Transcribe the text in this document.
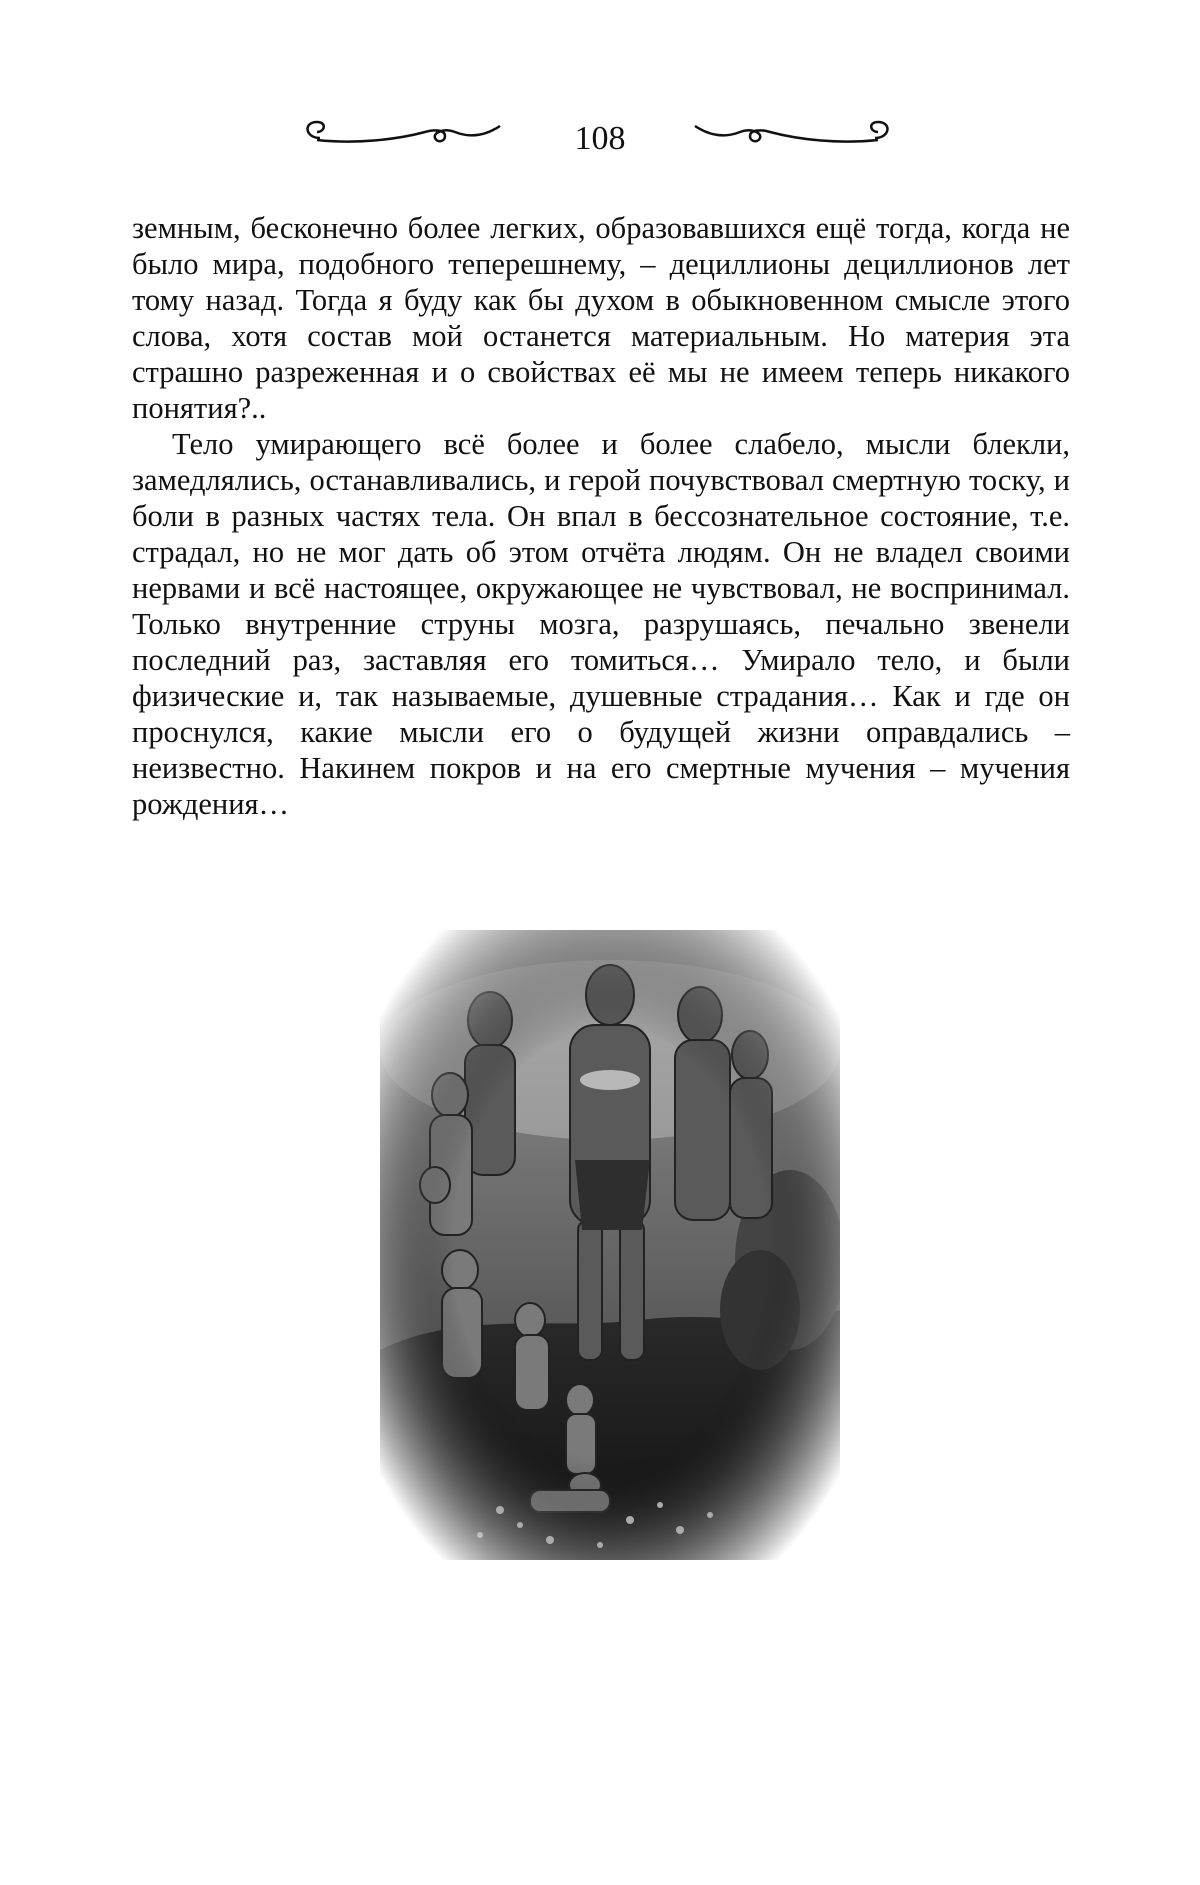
108

земным, бесконечно более легких, образовавшихся ещё тогда, когда не было мира, подобного теперешнему, – дециллионы дециллионов лет тому назад. Тогда я буду как бы духом в обыкновенном смысле этого слова, хотя состав мой останется материальным. Но материя эта страшно разреженная и о свойствах её мы не имеем теперь никакого понятия?..

Тело умирающего всё более и более слабело, мысли блекли, замедлялись, останавливались, и герой почувствовал смертную тоску, и боли в разных частях тела. Он впал в бессознательное состояние, т.е. страдал, но не мог дать об этом отчёта людям. Он не владел своими нервами и всё настоящее, окружающее не чувствовал, не воспринимал. Только внутренние струны мозга, разрушаясь, печально звенели последний раз, заставляя его томиться… Умирало тело, и были физические и, так называемые, душевные страдания… Как и где он проснулся, какие мысли его о будущей жизни оправдались – неизвестно. Накинем покров и на его смертные мучения – мучения рождения…
